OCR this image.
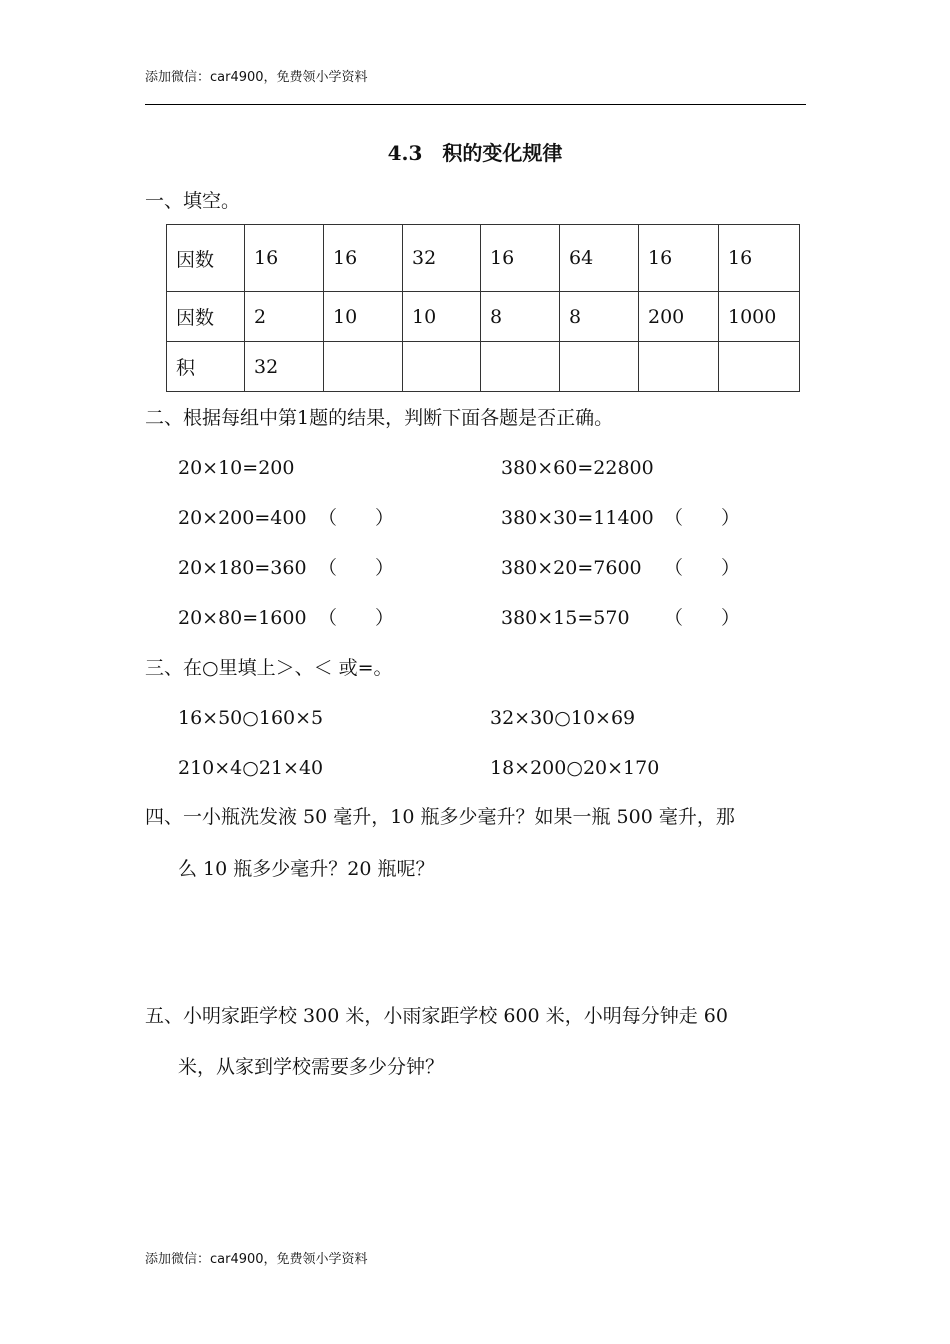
添加微信：car4900，免费领小学资料
4.3　积的变化规律
一、填空。
因数	16	16	32	16	64	16	16
因数	2	10	10	8	8	200	1000
积	32						
二、根据每组中第1题的结果，判断下面各题是否正确。
20×10=200	380×60=22800
20×200=400 （　　）	380×30=11400 （　　）
20×180=360 （　　）	380×20=7600 （　　）
20×80=1600 （　　）	380×15=570 （　　）
三、在○里填上＞、＜ 或=。
16×50○160×5	32×30○10×69
210×4○21×40	18×200○20×170
四、一小瓶洗发液 50 毫升，10 瓶多少毫升？如果一瓶 500 毫升，那
么 10 瓶多少毫升？20 瓶呢？
五、小明家距学校 300 米，小雨家距学校 600 米，小明每分钟走 60
米，从家到学校需要多少分钟？
添加微信：car4900，免费领小学资料
